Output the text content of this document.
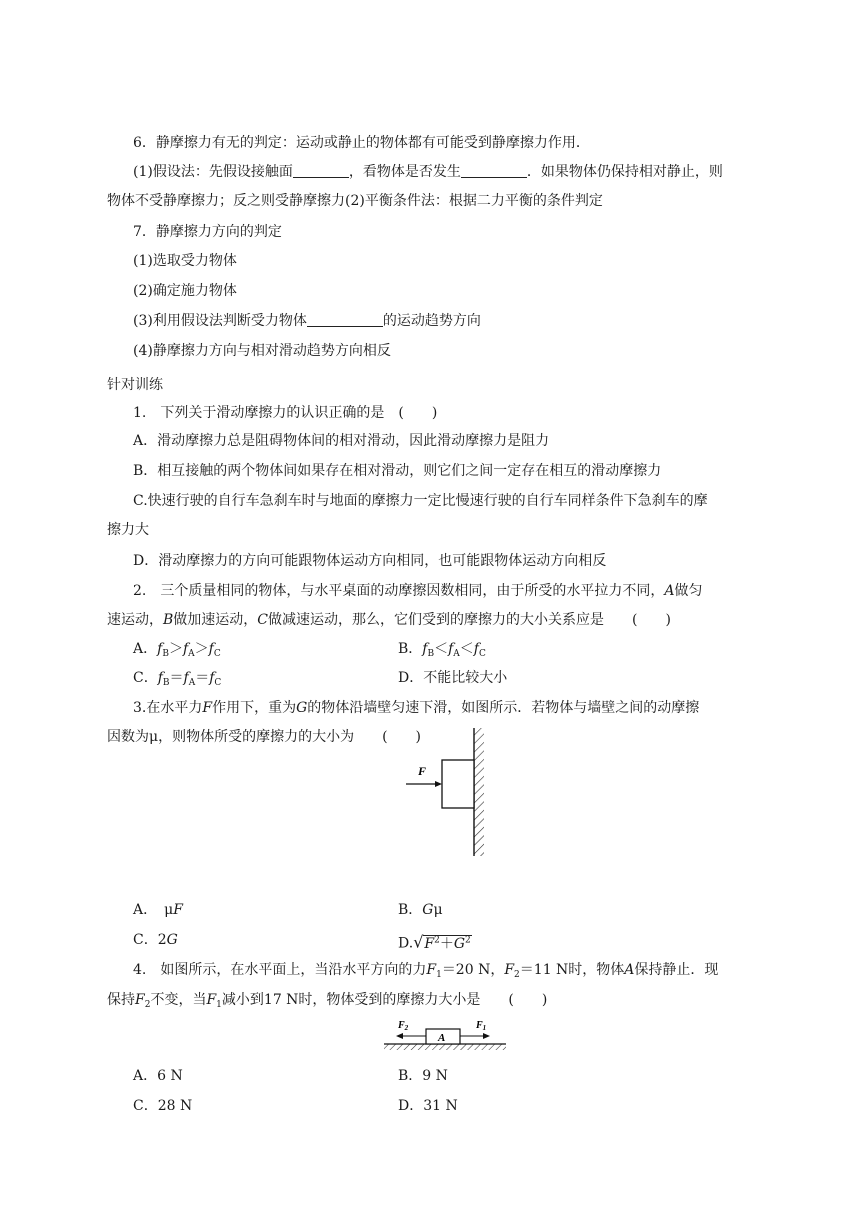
6．静摩擦力有无的判定：运动或静止的物体都有可能受到静摩擦力作用．
(1)假设法：先假设接触面	，看物体是否发生	．如果物体仍保持相对静止，则
物体不受静摩擦力；反之则受静摩擦力(2)平衡条件法：根据二力平衡的条件判定
7．静摩擦力方向的判定
(1)选取受力物体
(2)确定施力物体
(3)利用假设法判断受力物体	的运动趋势方向
(4)静摩擦力方向与相对滑动趋势方向相反
针对训练
1.　下列关于滑动摩擦力的认识正确的是　(　　)
A．滑动摩擦力总是阻碍物体间的相对滑动，因此滑动摩擦力是阻力
B．相互接触的两个物体间如果存在相对滑动，则它们之间一定存在相互的滑动摩擦力
C.快速行驶的自行车急刹车时与地面的摩擦力一定比慢速行驶的自行车同样条件下急刹车的摩
擦力大
D．滑动摩擦力的方向可能跟物体运动方向相同，也可能跟物体运动方向相反
2.　三个质量相同的物体，与水平桌面的动摩擦因数相同，由于所受的水平拉力不同，A做匀
速运动，B做加速运动，C做减速运动，那么，它们受到的摩擦力的大小关系应是　　(　　)
A．$f_B>f_A>f_C$	B．$f_B<f_A<f_C$
C．$f_B=f_A=f_C$	D．不能比较大小
3.在水平力F作用下，重为G的物体沿墙壁匀速下滑，如图所示．若物体与墙壁之间的动摩擦
因数为μ，则物体所受的摩擦力的大小为　　(　　)
F
A．　μF	B．Gμ
C．2G	$D.√F^2+G^2$
4.　如图所示，在水平面上，当沿水平方向的力$F_1=20$ N，$F_2=11$ N时，物体A保持静止．现
保持$F_2$不变，当$F_1$减小到17 N时，物体受到的摩擦力大小是　　(　　)
A
$F_2$	$F_1$
A．6 N	B．9 N
C．28 N	D．31 N
